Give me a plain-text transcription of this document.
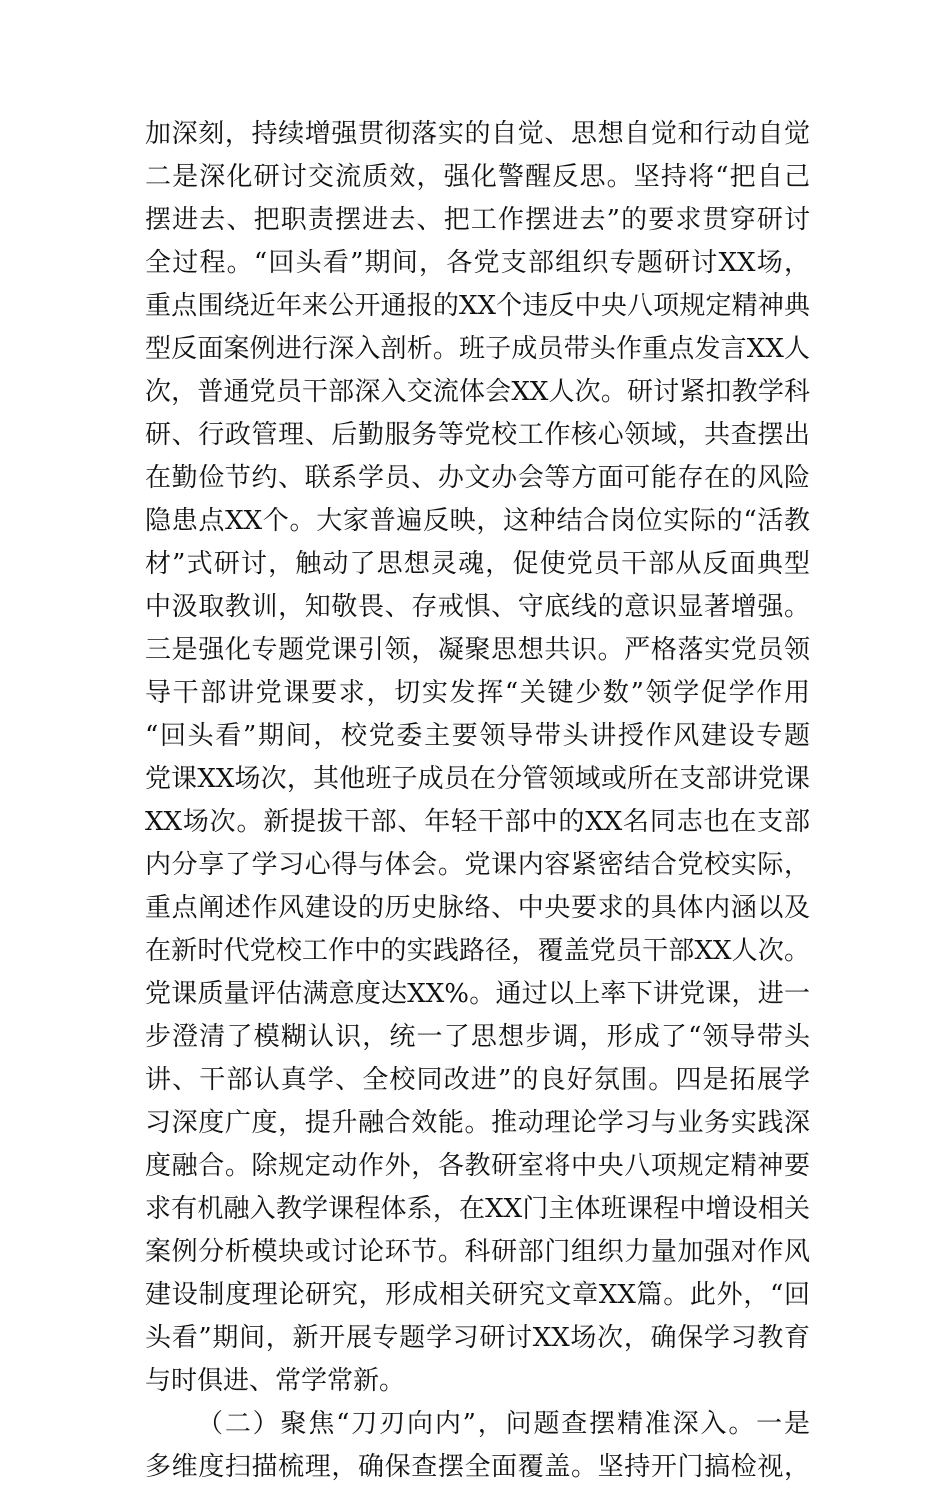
加深刻，持续增强贯彻落实的自觉、思想自觉和行动自觉
二是深化研讨交流质效，强化警醒反思。坚持将“把自己
摆进去、把职责摆进去、把工作摆进去”的要求贯穿研讨
全过程。“回头看”期间，各党支部组织专题研讨XX场，
重点围绕近年来公开通报的XX个违反中央八项规定精神典
型反面案例进行深入剖析。班子成员带头作重点发言XX人
次，普通党员干部深入交流体会XX人次。研讨紧扣教学科
研、行政管理、后勤服务等党校工作核心领域，共查摆出
在勤俭节约、联系学员、办文办会等方面可能存在的风险
隐患点XX个。大家普遍反映，这种结合岗位实际的“活教
材”式研讨，触动了思想灵魂，促使党员干部从反面典型
中汲取教训，知敬畏、存戒惧、守底线的意识显著增强。
三是强化专题党课引领，凝聚思想共识。严格落实党员领
导干部讲党课要求，切实发挥“关键少数”领学促学作用
“回头看”期间，校党委主要领导带头讲授作风建设专题
党课XX场次，其他班子成员在分管领域或所在支部讲党课
XX场次。新提拔干部、年轻干部中的XX名同志也在支部
内分享了学习心得与体会。党课内容紧密结合党校实际，
重点阐述作风建设的历史脉络、中央要求的具体内涵以及
在新时代党校工作中的实践路径，覆盖党员干部XX人次。
党课质量评估满意度达XX%。通过以上率下讲党课，进一
步澄清了模糊认识，统一了思想步调，形成了“领导带头
讲、干部认真学、全校同改进”的良好氛围。四是拓展学
习深度广度，提升融合效能。推动理论学习与业务实践深
度融合。除规定动作外，各教研室将中央八项规定精神要
求有机融入教学课程体系，在XX门主体班课程中增设相关
案例分析模块或讨论环节。科研部门组织力量加强对作风
建设制度理论研究，形成相关研究文章XX篇。此外，“回
头看”期间，新开展专题学习研讨XX场次，确保学习教育
与时俱进、常学常新。
（二）聚焦“刀刃向内”，问题查摆精准深入。一是
多维度扫描梳理，确保查摆全面覆盖。坚持开门搞检视，
